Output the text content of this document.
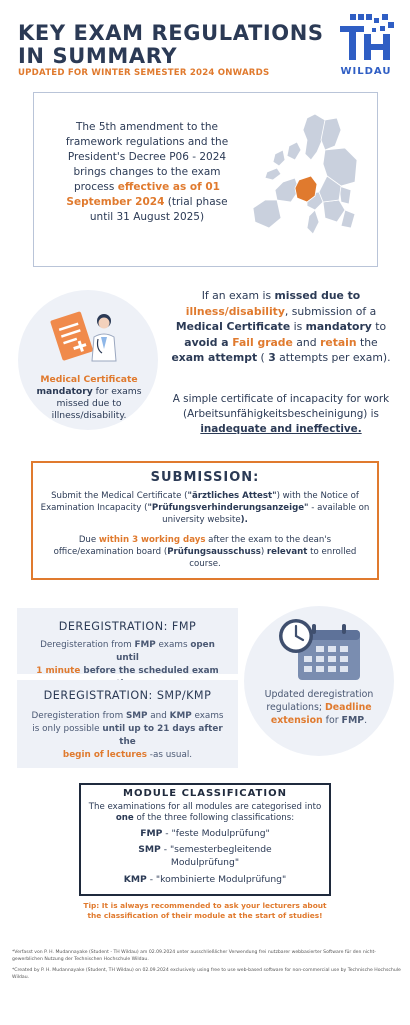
KEY EXAM REGULATIONS IN SUMMARY
UPDATED FOR WINTER SEMESTER 2024 ONWARDS	WILDAU
The 5th amendment to the framework regulations and the President's Decree P06 - 2024 brings changes to the exam process effective as of 01 September 2024 (trial phase until 31 August 2025)
Medical Certificate
mandatory for exams missed due to illness/disability.
If an exam is missed due to
illness/disability, submission of a Medical Certificate is mandatory to avoid a Fail grade and retain the exam attempt ( 3 attempts per exam).
A simple certificate of incapacity for work (Arbeitsunfähigkeitsbescheinigung) is inadequate and ineffective.
SUBMISSION:
Submit the Medical Certificate ("ärztliches Attest") with the Notice of Examination Incapacity ("Prüfungsverhinderungsanzeige" - available on university website).
Due within 3 working days after the exam to the dean's office/examination board (Prüfungsausschuss) relevant to enrolled course.
DEREGISTRATION: FMP
Deregisteration from FMP exams open until
1 minute before the scheduled exam
DEREGISTRATION: SMP/KMP
Deregisteration from SMP and KMP exams is only possible until up to 21 days after the
begin of lectures -as usual.
Updated deregistration regulations; Deadline extension for FMP.
MODULE CLASSIFICATION
The examinations for all modules are categorised into one of the three following classifications:
FMP - "feste Modulprüfung"
SMP - "semesterbegleitende
Modulprüfung"
KMP - "kombinierte Modulprüfung"
Tip: It is always recommended to ask your lecturers about the classification of their module at the start of studies!
*Verfasst von P. H. Mudannayake (Student - TH Wildau) am 02.09.2024 unter ausschließlicher Verwendung frei nutzbarer webbasierter Software für den nicht-gewerblichen Nutzung der Technischen Hochschule Wildau.
*Created by P. H. Mudannayake (Student, TH Wildau) on 02.09.2024 exclusively using free to use web-based software for non-commercial use by Technische Hochschule Wildau.
